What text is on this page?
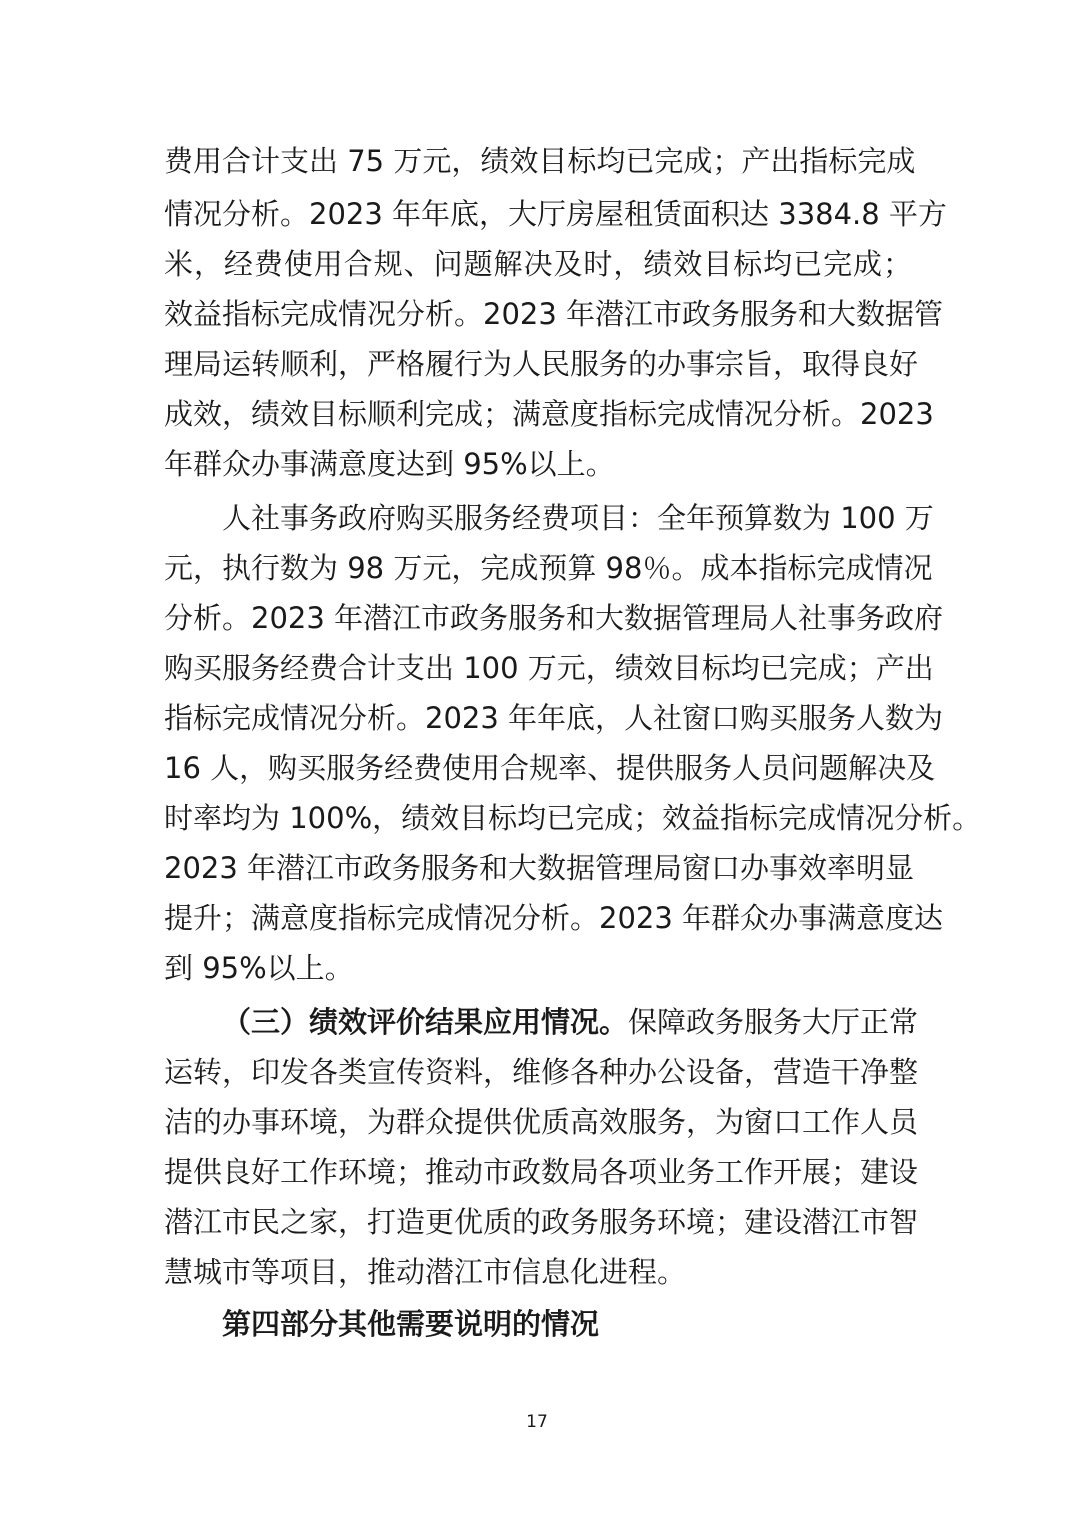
费用合计支出 75 万元，绩效目标均已完成；产出指标完成
情况分析。2023 年年底，大厅房屋租赁面积达 3384.8 平方
米，经费使用合规、问题解决及时，绩效目标均已完成；
效益指标完成情况分析。2023 年潜江市政务服务和大数据管
理局运转顺利，严格履行为人民服务的办事宗旨，取得良好
成效，绩效目标顺利完成；满意度指标完成情况分析。2023
年群众办事满意度达到 95%以上。
人社事务政府购买服务经费项目：全年预算数为 100 万
元，执行数为 98 万元，完成预算 98％。成本指标完成情况
分析。2023 年潜江市政务服务和大数据管理局人社事务政府
购买服务经费合计支出 100 万元，绩效目标均已完成；产出
指标完成情况分析。2023 年年底，人社窗口购买服务人数为
16 人，购买服务经费使用合规率、提供服务人员问题解决及
时率均为 100%，绩效目标均已完成；效益指标完成情况分析。
2023 年潜江市政务服务和大数据管理局窗口办事效率明显
提升；满意度指标完成情况分析。2023 年群众办事满意度达
到 95%以上。
（三）绩效评价结果应用情况。保障政务服务大厅正常
运转，印发各类宣传资料，维修各种办公设备，营造干净整
洁的办事环境，为群众提供优质高效服务，为窗口工作人员
提供良好工作环境；推动市政数局各项业务工作开展；建设
潜江市民之家，打造更优质的政务服务环境；建设潜江市智
慧城市等项目，推动潜江市信息化进程。
第四部分其他需要说明的情况
17
